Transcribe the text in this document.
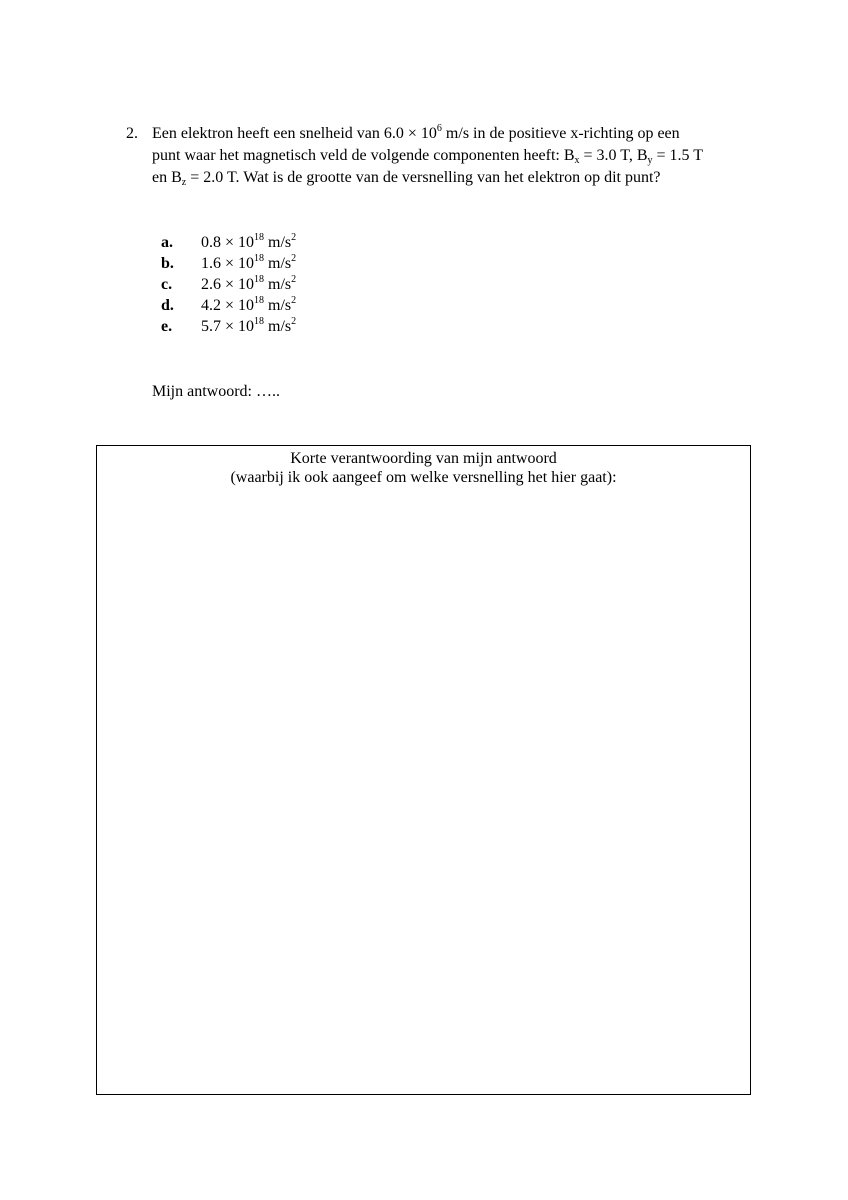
2. Een elektron heeft een snelheid van $6.0 \times 10^6$ m/s in de positieve x-richting op een
punt waar het magnetisch veld de volgende componenten heeft: $B_x = 3.0$ T, $B_y = 1.5$ T
en $B_z = 2.0$ T. Wat is de grootte van de versnelling van het elektron op dit punt?
a. $0.8 \times 10^{18}$ $m/s^2$
b. $1.6 \times 10^{18}$ $m/s^2$
c. $2.6 \times 10^{18}$ $m/s^2$
d. $4.2 \times 10^{18}$ $m/s^2$
e. $5.7 \times 10^{18}$ $m/s^2$
Mijn antwoord: …..
Korte verantwoording van mijn antwoord
(waarbij ik ook aangeef om welke versnelling het hier gaat):
